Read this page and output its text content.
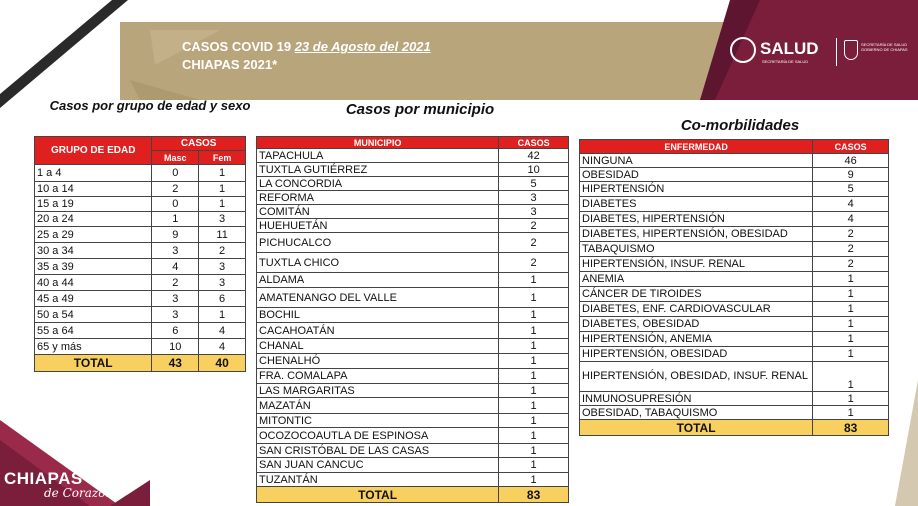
CASOS COVID 19 23 de Agosto del 2021
CHIAPAS 2021*
SALUD
SECRETARÍA DE SALUD
SECRETARÍA DE SALUD GOBIERNO DE CHIAPAS
Casos por grupo de edad y sexo
GRUPO DE EDAD	CASOS	
	Masc	Fem
1 a 4	0	1
10 a 14	2	1
15 a 19	0	1
20 a 24	1	3
25 a 29	9	11
30 a 34	3	2
35 a 39	4	3
40 a 44	2	3
45 a 49	3	6
50 a 54	3	1
55 a 64	6	4
65 y más	10	4
TOTAL	43	40
Casos por municipio
MUNICIPIO	CASOS
TAPACHULA	42
TUXTLA GUTIÉRREZ	10
LA CONCORDIA	5
REFORMA	3
COMITÁN	3
HUEHUETÁN	2
PICHUCALCO	2
TUXTLA CHICO	2
ALDAMA	1
AMATENANGO DEL VALLE	1
BOCHIL	1
CACAHOATÁN	1
CHANAL	1
CHENALHÓ	1
FRA. COMALAPA	1
LAS MARGARITAS	1
MAZATÁN	1
MITONTIC	1
OCOZOCOAUTLA DE ESPINOSA	1
SAN CRISTÓBAL DE LAS CASAS	1
SAN JUAN CANCUC	1
TUZANTÁN	1
TOTAL	83
Co-morbilidades
ENFERMEDAD	CASOS
NINGUNA	46
OBESIDAD	9
HIPERTENSIÓN	5
DIABETES	4
DIABETES, HIPERTENSIÓN	4
DIABETES, HIPERTENSIÓN, OBESIDAD	2
TABAQUISMO	2
HIPERTENSIÓN, INSUF. RENAL	2
ANEMIA	1
CÁNCER DE TIROIDES	1
DIABETES, ENF. CARDIOVASCULAR	1
DIABETES, OBESIDAD	1
HIPERTENSIÓN, ANEMIA	1
HIPERTENSIÓN, OBESIDAD	1
HIPERTENSIÓN, OBESIDAD, INSUF. RENAL	1
INMUNOSUPRESIÓN	1
OBESIDAD, TABAQUISMO	1
TOTAL	83
CHIAPAS
de Corazón
